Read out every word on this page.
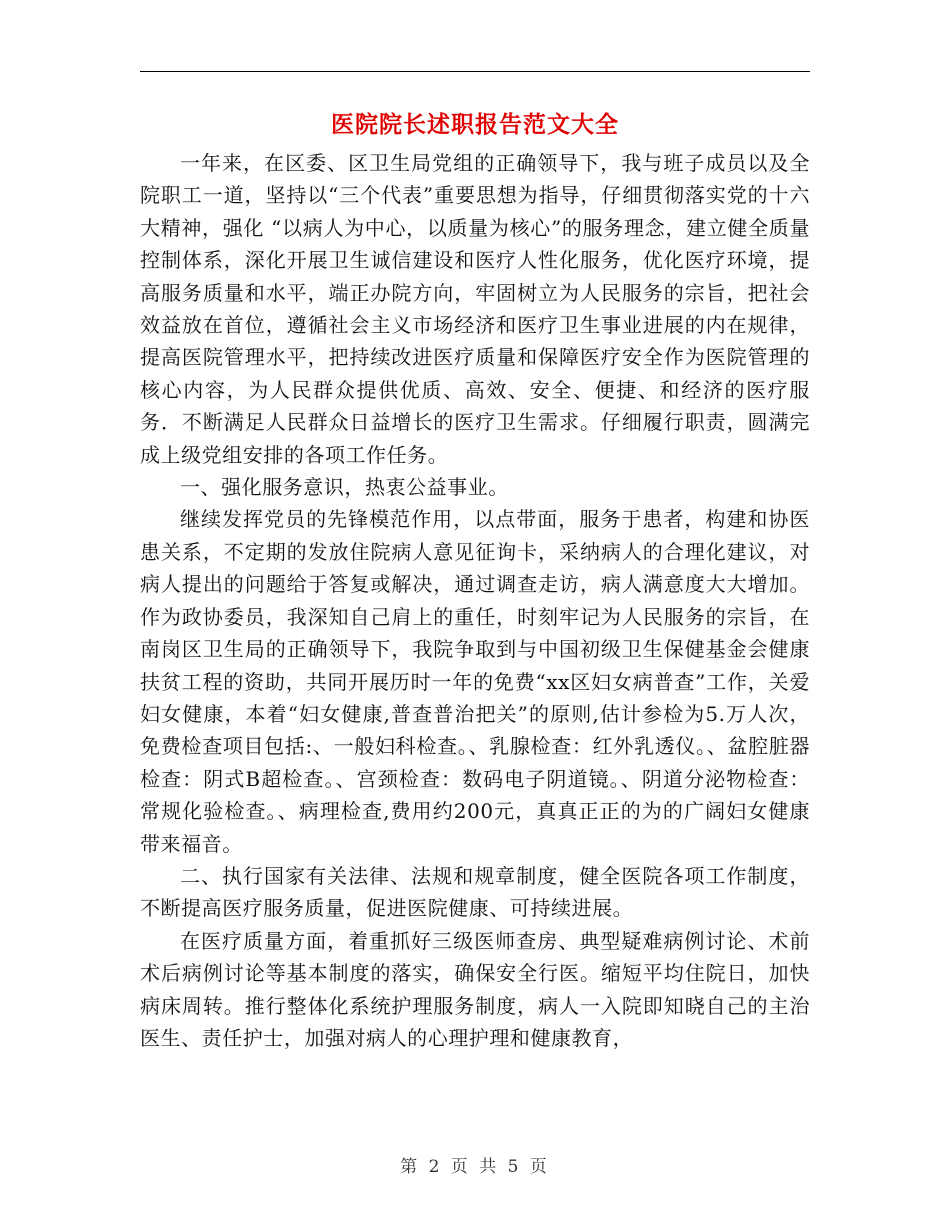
医院院长述职报告范文大全

一年来，在区委、区卫生局党组的正确领导下，我与班子成员以及全院职工一道，坚持以“三个代表”重要思想为指导，仔细贯彻落实党的十六大精神，强化 “以病人为中心，以质量为核心”的服务理念，建立健全质量控制体系，深化开展卫生诚信建设和医疗人性化服务，优化医疗环境，提高服务质量和水平，端正办院方向，牢固树立为人民服务的宗旨，把社会效益放在首位，遵循社会主义市场经济和医疗卫生事业进展的内在规律，提高医院管理水平，把持续改进医疗质量和保障医疗安全作为医院管理的核心内容，为人民群众提供优质、高效、安全、便捷、和经济的医疗服务．不断满足人民群众日益增长的医疗卫生需求。仔细履行职责，圆满完成上级党组安排的各项工作任务。

一、强化服务意识，热衷公益事业。

继续发挥党员的先锋模范作用，以点带面，服务于患者，构建和协医患关系，不定期的发放住院病人意见征询卡，采纳病人的合理化建议，对病人提出的问题给于答复或解决，通过调查走访，病人满意度大大增加。作为政协委员，我深知自己肩上的重任，时刻牢记为人民服务的宗旨，在南岗区卫生局的正确领导下，我院争取到与中国初级卫生保健基金会健康扶贫工程的资助，共同开展历时一年的免费“xx区妇女病普查”工作，关爱妇女健康，本着“妇女健康,普查普治把关”的原则,估计参检为5.万人次，免费检查项目包括:、一般妇科检查。、乳腺检查：红外乳透仪。、盆腔脏器检查：阴式B超检查。、宫颈检查：数码电子阴道镜。、阴道分泌物检查：常规化验检查。、病理检查,费用约200元，真真正正的为的广阔妇女健康带来福音。

二、执行国家有关法律、法规和规章制度，健全医院各项工作制度，不断提高医疗服务质量，促进医院健康、可持续进展。

在医疗质量方面，着重抓好三级医师查房、典型疑难病例讨论、术前术后病例讨论等基本制度的落实，确保安全行医。缩短平均住院日，加快病床周转。推行整体化系统护理服务制度，病人一入院即知晓自己的主治医生、责任护士，加强对病人的心理护理和健康教育，

第 2 页 共 5 页
